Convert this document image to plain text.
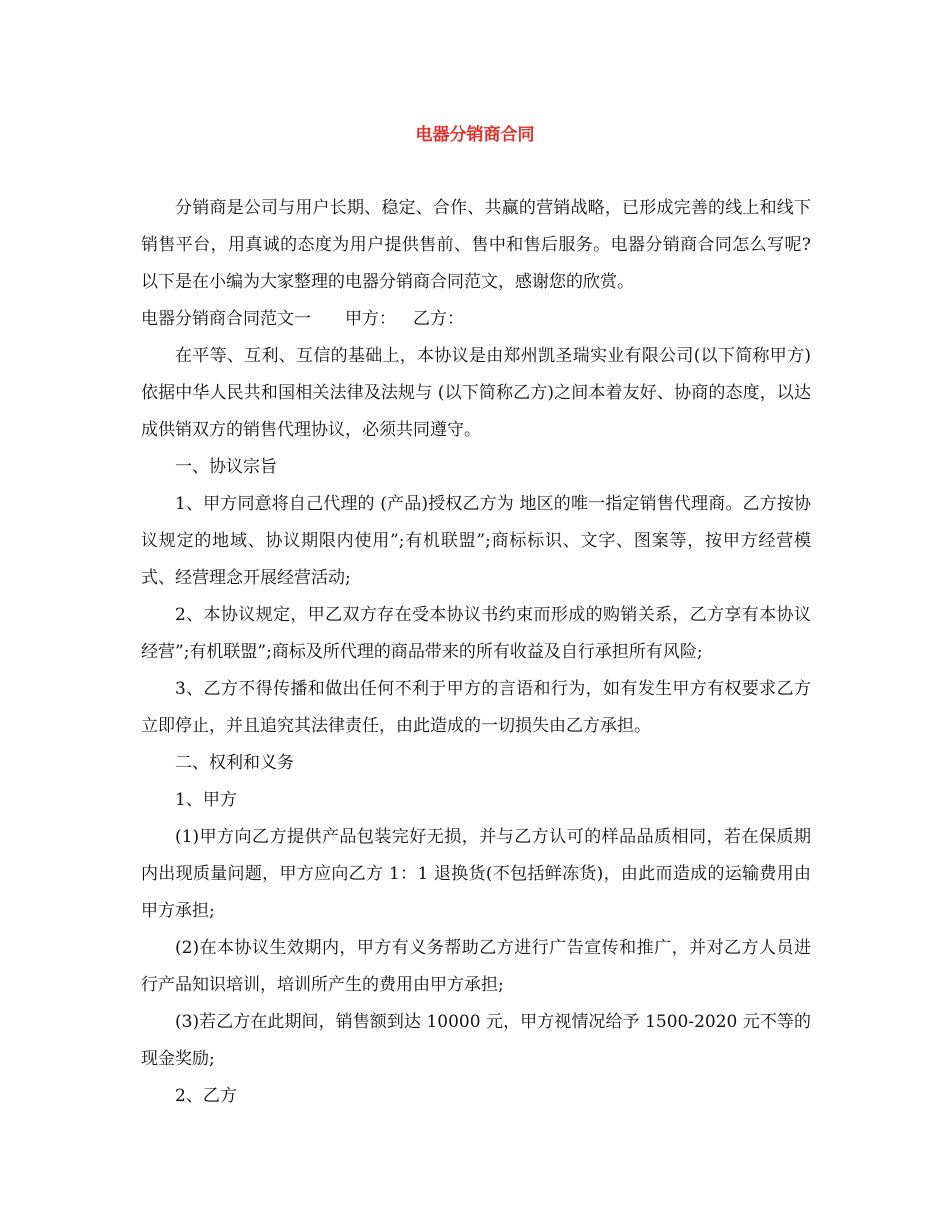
电器分销商合同

分销商是公司与用户长期、稳定、合作、共赢的营销战略，已形成完善的线上和线下销售平台，用真诚的态度为用户提供售前、售中和售后服务。电器分销商合同怎么写呢?以下是在小编为大家整理的电器分销商合同范文，感谢您的欣赏。

电器分销商合同范文一 甲方： 乙方：

在平等、互利、互信的基础上，本协议是由郑州凯圣瑞实业有限公司(以下简称甲方)依据中华人民共和国相关法律及法规与 (以下简称乙方)之间本着友好、协商的态度，以达成供销双方的销售代理协议，必须共同遵守。

一、协议宗旨

1、甲方同意将自己代理的 (产品)授权乙方为 地区的唯一指定销售代理商。乙方按协议规定的地域、协议期限内使用”;有机联盟”;商标标识、文字、图案等，按甲方经营模式、经营理念开展经营活动;

2、本协议规定，甲乙双方存在受本协议书约束而形成的购销关系，乙方享有本协议经营”;有机联盟”;商标及所代理的商品带来的所有收益及自行承担所有风险;

3、乙方不得传播和做出任何不利于甲方的言语和行为，如有发生甲方有权要求乙方立即停止，并且追究其法律责任，由此造成的一切损失由乙方承担。

二、权利和义务

1、甲方

(1)甲方向乙方提供产品包装完好无损，并与乙方认可的样品品质相同，若在保质期内出现质量问题，甲方应向乙方 1：1 退换货(不包括鲜冻货)，由此而造成的运输费用由甲方承担;

(2)在本协议生效期内，甲方有义务帮助乙方进行广告宣传和推广，并对乙方人员进行产品知识培训，培训所产生的费用由甲方承担;

(3)若乙方在此期间，销售额到达 10000 元，甲方视情况给予 1500-2020 元不等的现金奖励;

2、乙方
